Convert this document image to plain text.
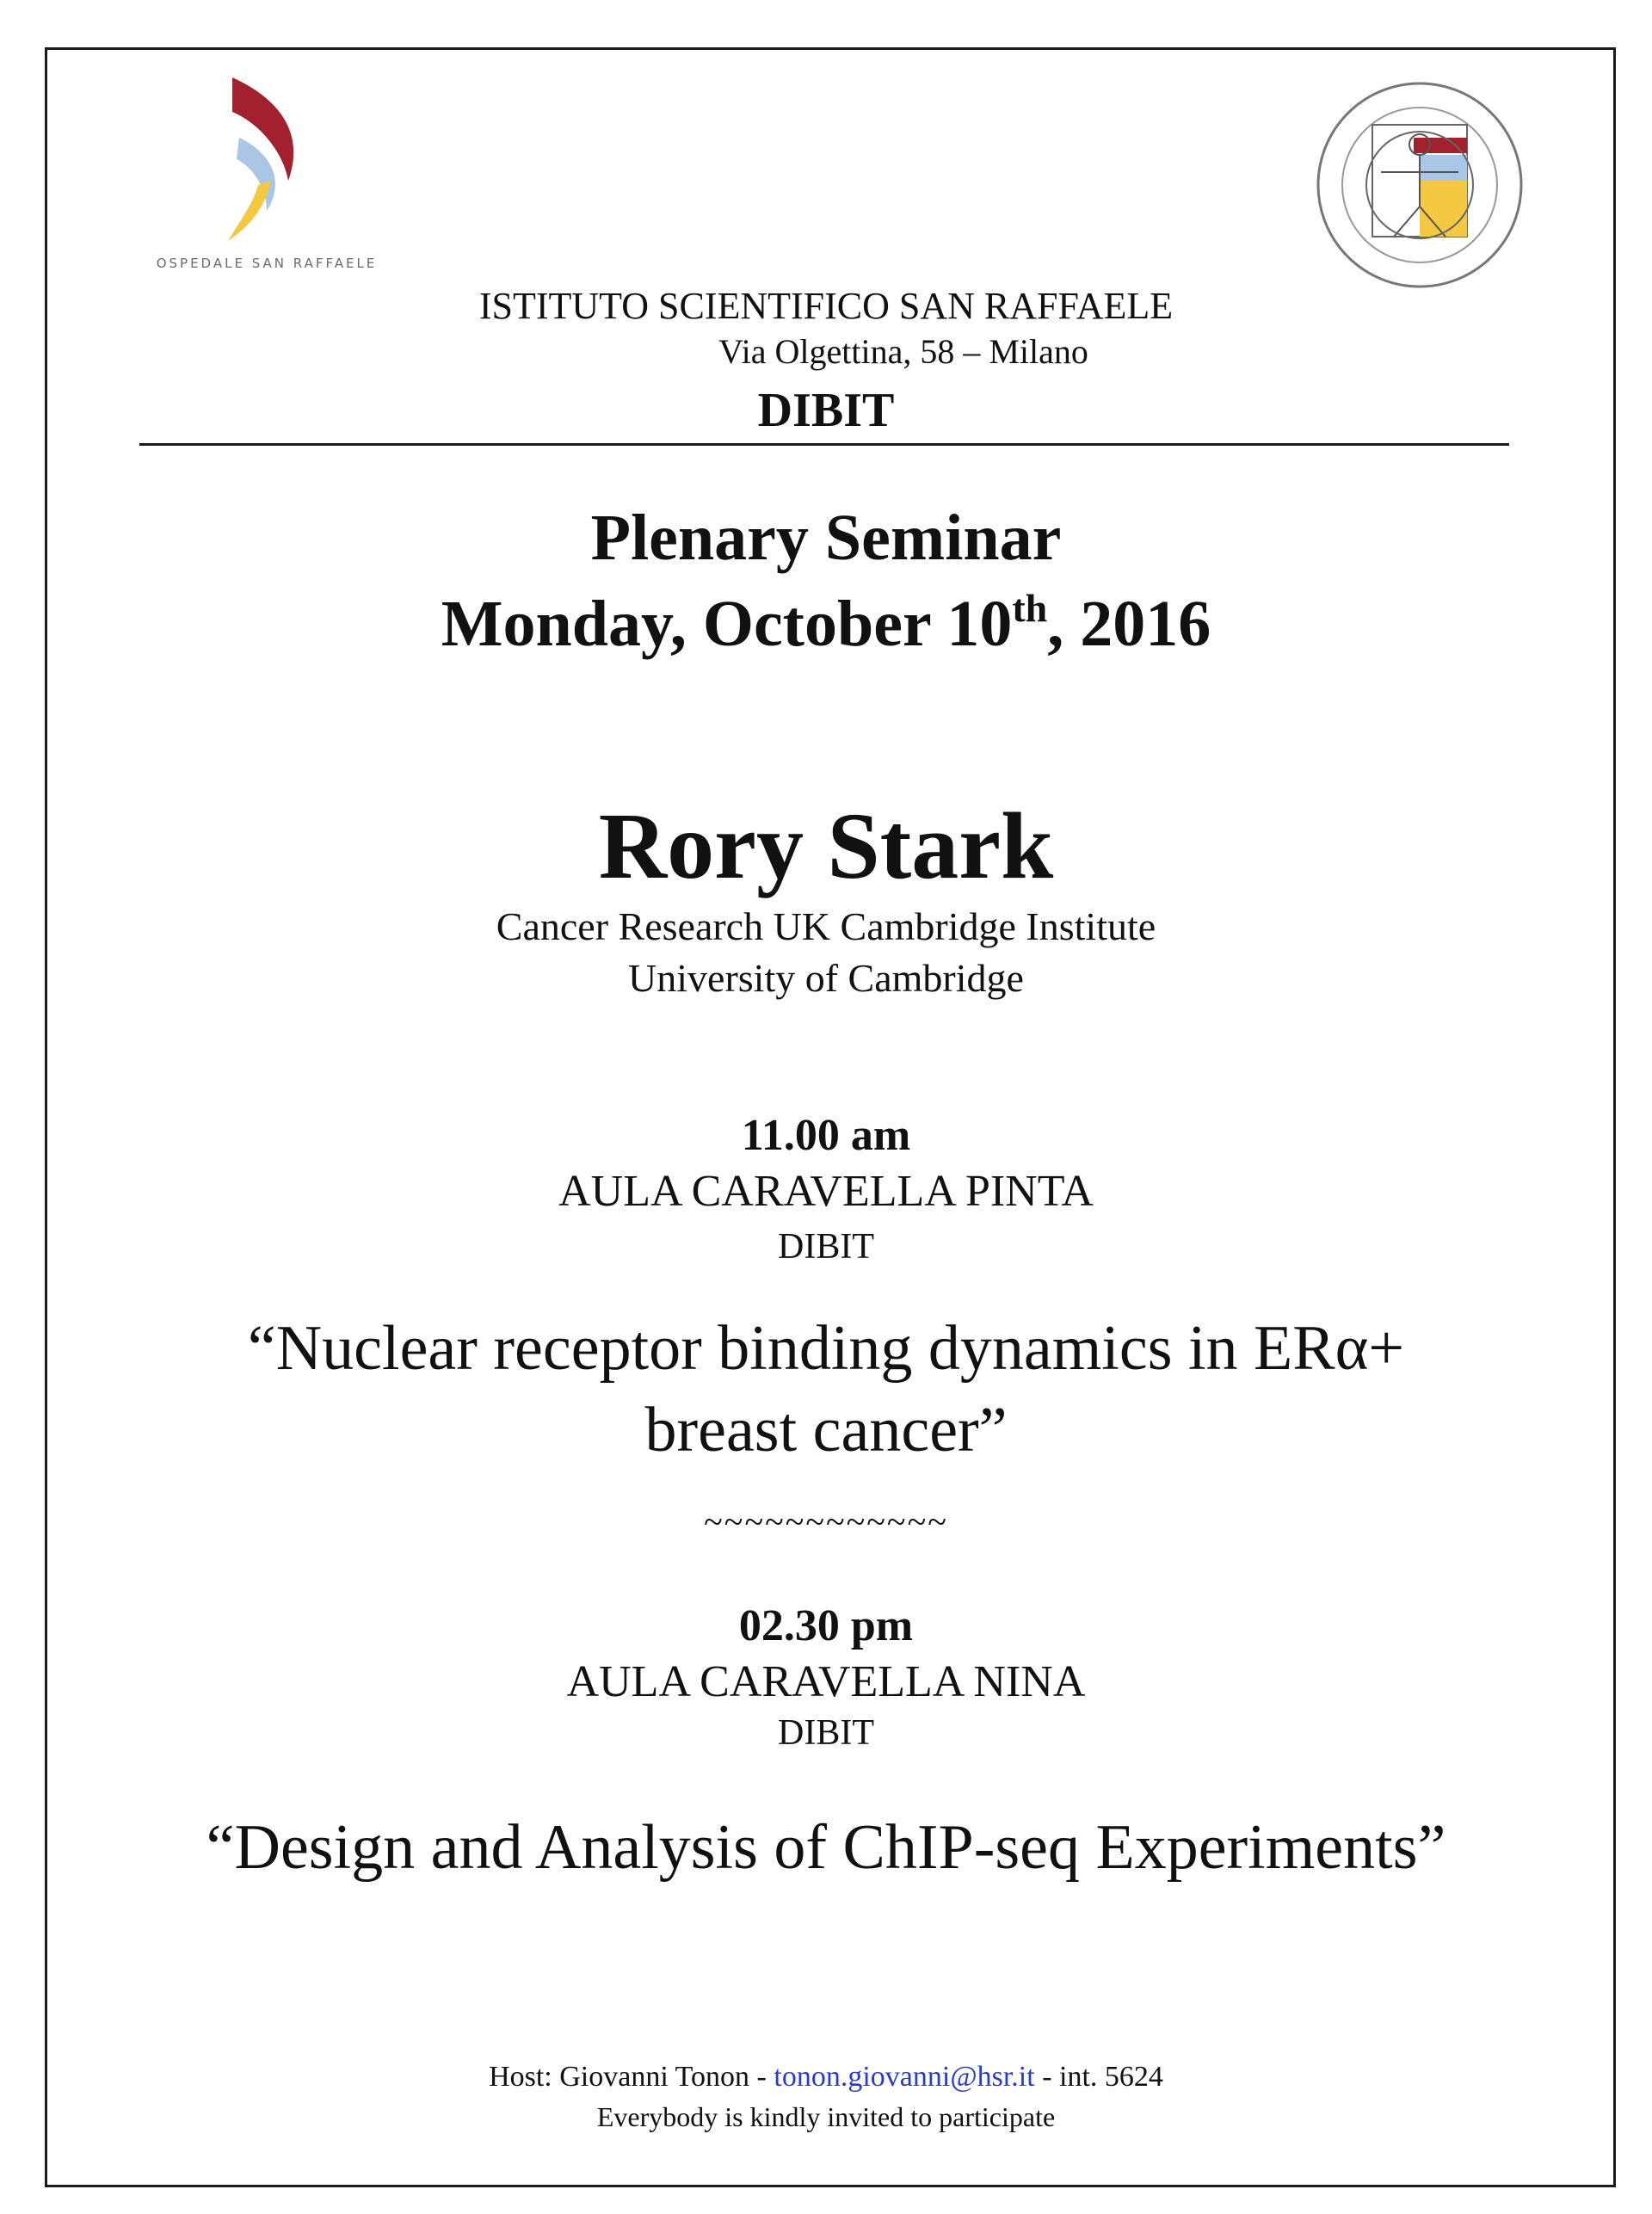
OSPEDALE SAN RAFFAELE
ISTITUTO SCIENTIFICO SAN RAFFAELE
Via Olgettina, 58 – Milano
DIBIT
Plenary Seminar
Monday, October 10th, 2016
Rory Stark
Cancer Research UK Cambridge Institute
University of Cambridge
11.00 am
AULA CARAVELLA PINTA
DIBIT
“Nuclear receptor binding dynamics in ERα+
breast cancer”
~~~~~~~~~~~~
02.30 pm
AULA CARAVELLA NINA
DIBIT
“Design and Analysis of ChIP-seq Experiments”
Host: Giovanni Tonon - tonon.giovanni@hsr.it - int. 5624
Everybody is kindly invited to participate
